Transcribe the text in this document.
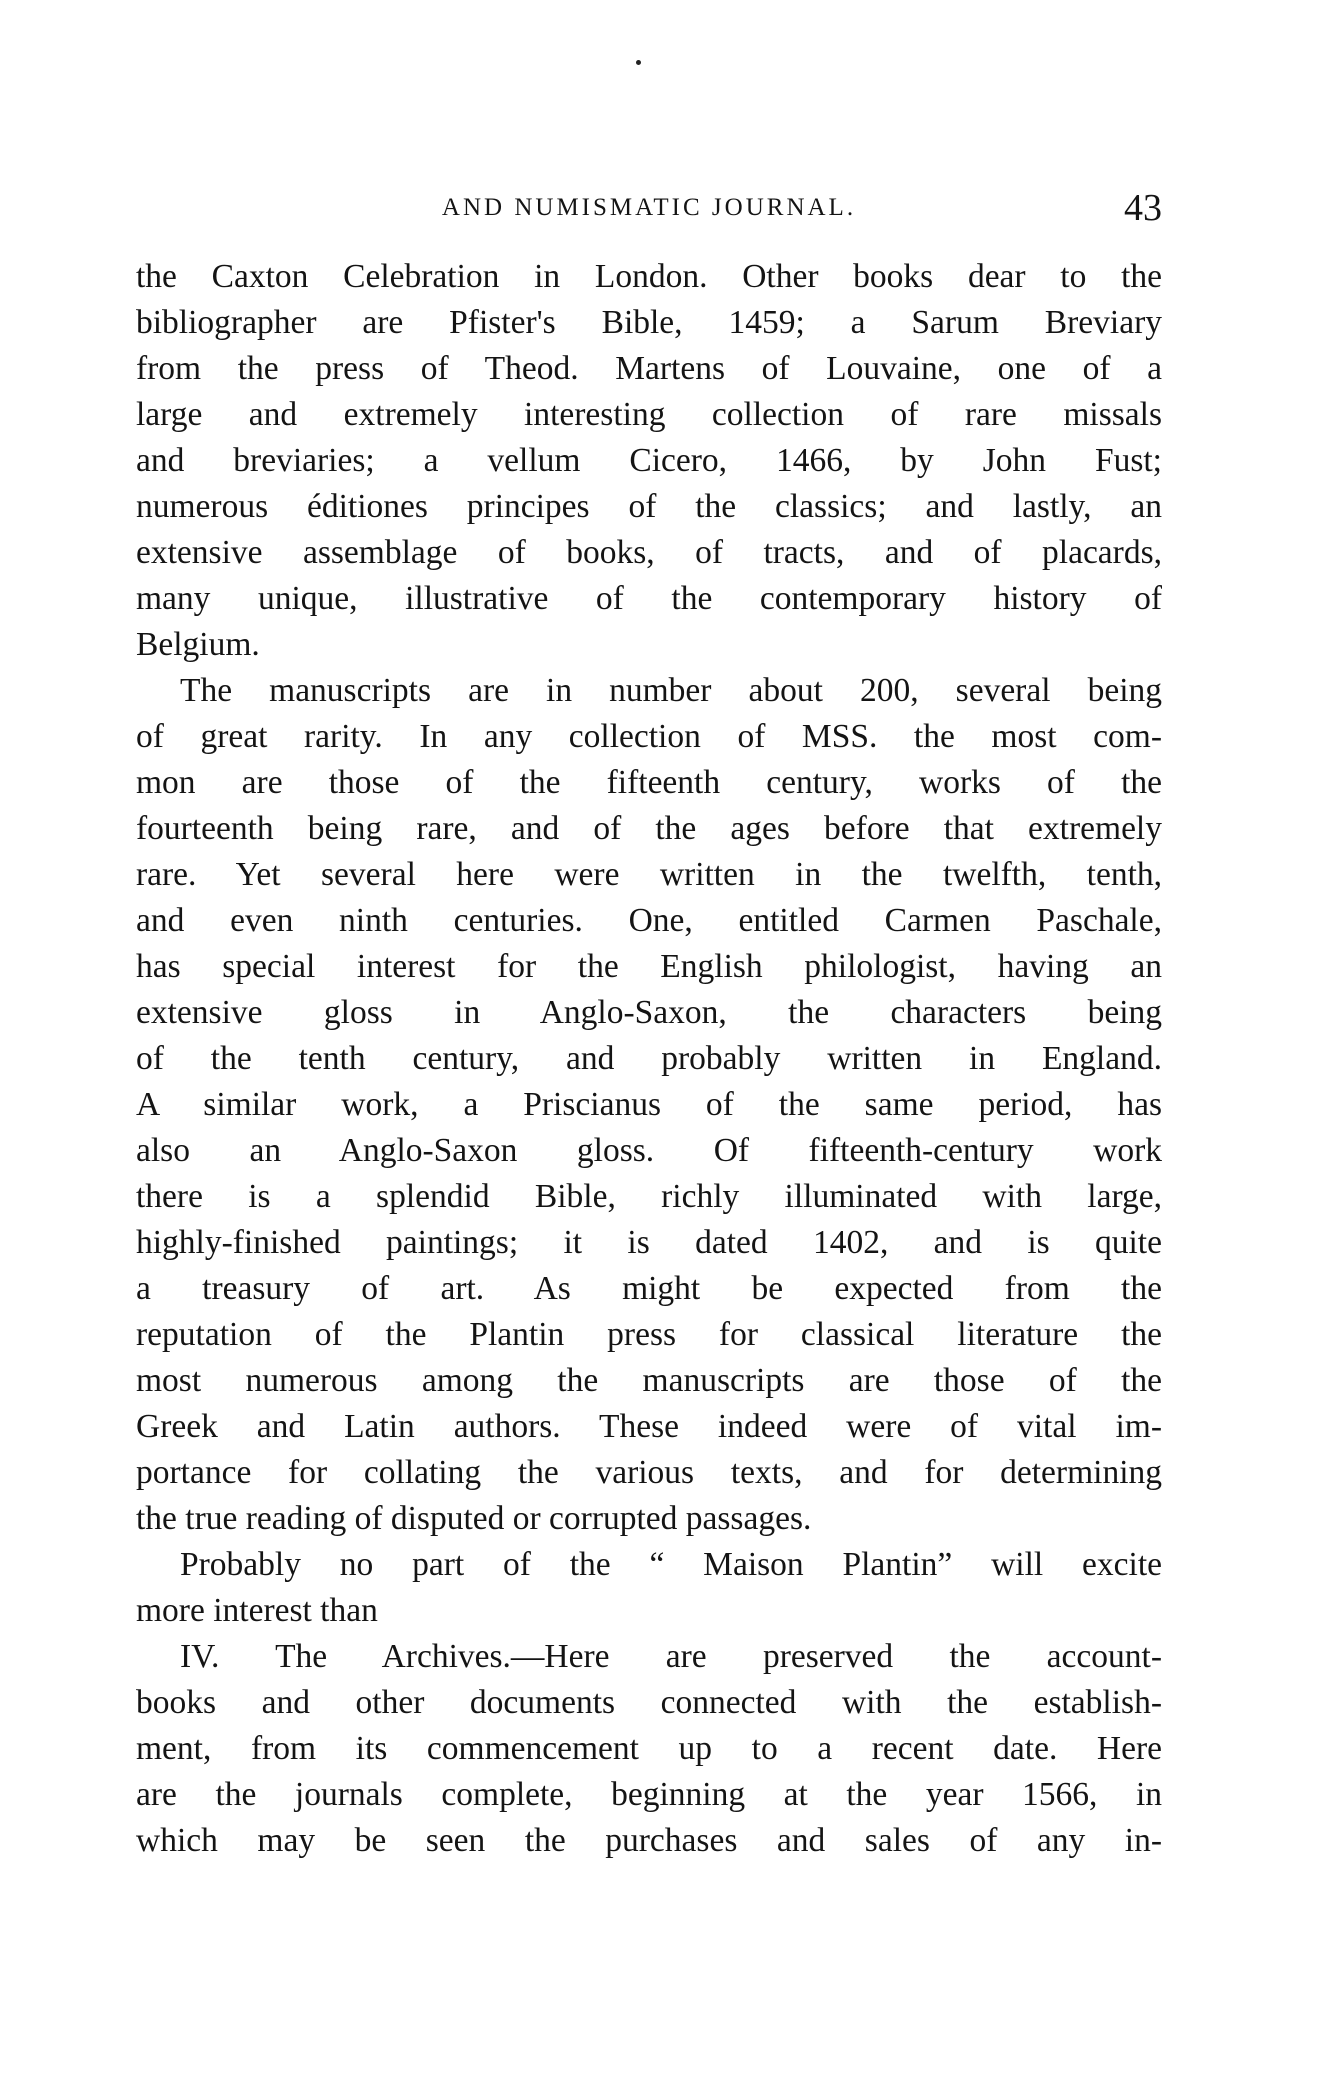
AND NUMISMATIC JOURNAL.	43
the Caxton Celebration in London. Other books dear to the
bibliographer are Pfister's Bible, 1459; a Sarum Breviary
from the press of Theod. Martens of Louvaine, one of a
large and extremely interesting collection of rare missals
and breviaries; a vellum Cicero, 1466, by John Fust;
numerous éditiones principes of the classics; and lastly, an
extensive assemblage of books, of tracts, and of placards,
many unique, illustrative of the contemporary history of
Belgium.
The manuscripts are in number about 200, several being
of great rarity. In any collection of MSS. the most com-
mon are those of the fifteenth century, works of the
fourteenth being rare, and of the ages before that extremely
rare. Yet several here were written in the twelfth, tenth,
and even ninth centuries. One, entitled Carmen Paschale,
has special interest for the English philologist, having an
extensive gloss in Anglo-Saxon, the characters being
of the tenth century, and probably written in England.
A similar work, a Priscianus of the same period, has
also an Anglo-Saxon gloss. Of fifteenth-century work
there is a splendid Bible, richly illuminated with large,
highly-finished paintings; it is dated 1402, and is quite
a treasury of art. As might be expected from the
reputation of the Plantin press for classical literature the
most numerous among the manuscripts are those of the
Greek and Latin authors. These indeed were of vital im-
portance for collating the various texts, and for determining
the true reading of disputed or corrupted passages.
Probably no part of the “ Maison Plantin” will excite
more interest than
IV. The Archives.—Here are preserved the account-
books and other documents connected with the establish-
ment, from its commencement up to a recent date. Here
are the journals complete, beginning at the year 1566, in
which may be seen the purchases and sales of any in-
